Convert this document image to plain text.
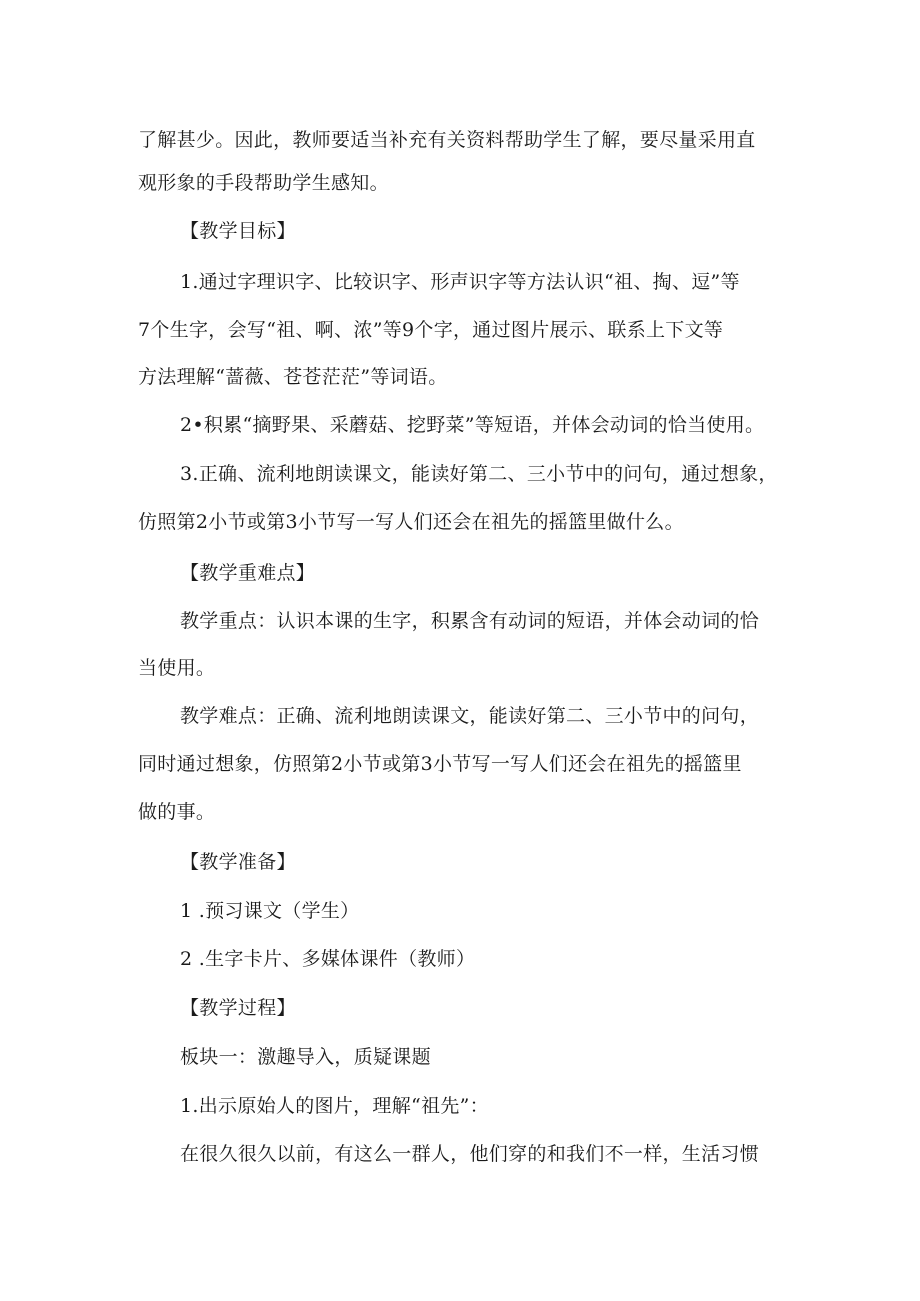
了解甚少。因此，教师要适当补充有关资料帮助学生了解，要尽量采用直
观形象的手段帮助学生感知。
【教学目标】
1.通过字理识字、比较识字、形声识字等方法认识“祖、掏、逗”等
7个生字，会写“祖、啊、浓”等9个字，通过图片展示、联系上下文等
方法理解“蔷薇、苍苍茫茫”等词语。
2•积累“摘野果、采蘑菇、挖野菜”等短语，并体会动词的恰当使用。
3.正确、流利地朗读课文，能读好第二、三小节中的问句，通过想象，
仿照第2小节或第3小节写一写人们还会在祖先的摇篮里做什么。
【教学重难点】
教学重点：认识本课的生字，积累含有动词的短语，并体会动词的恰
当使用。
教学难点：正确、流利地朗读课文，能读好第二、三小节中的问句，
同时通过想象，仿照第2小节或第3小节写一写人们还会在祖先的摇篮里
做的事。
【教学准备】
1 .预习课文（学生）
2 .生字卡片、多媒体课件（教师）
【教学过程】
板块一：激趣导入，质疑课题
1.出示原始人的图片，理解“祖先”：
在很久很久以前，有这么一群人，他们穿的和我们不一样，生活习惯
